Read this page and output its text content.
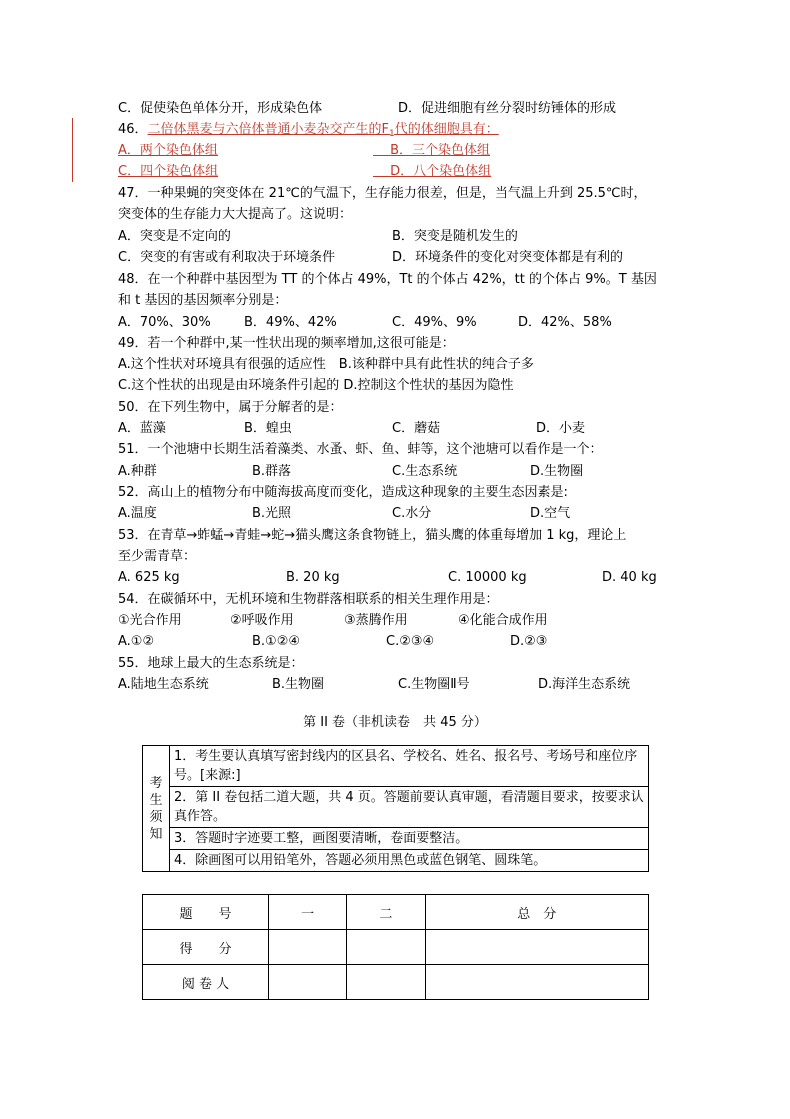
C．促使染色单体分开，形成染色体	D．促进细胞有丝分裂时纺锤体的形成
46．二倍体黑麦与六倍体普通小麦杂交产生的$F_1$代的体细胞具有：
A．两个染色体组
　	B．三个染色体组
C．四个染色体组
　	D．八个染色体组
47．一种果蝇的突变体在 21℃的气温下，生存能力很差，但是，当气温上升到 25.5℃时，
突变体的生存能力大大提高了。这说明：
A．突变是不定向的	B．突变是随机发生的
C．突变的有害或有利取决于环境条件	D．环境条件的变化对突变体都是有利的
48．在一个种群中基因型为 TT 的个体占 49%，Tt 的个体占 42%，tt 的个体占 9%。T 基因
和 t 基因的基因频率分别是：
A．70%、30%	B．49%、42%	C．49%、9%	D．42%、58%
49．若一个种群中,某一性状出现的频率增加,这很可能是：
A.这个性状对环境具有很强的适应性　B.该种群中具有此性状的纯合子多
C.这个性状的出现是由环境条件引起的 D.控制这个性状的基因为隐性
50．在下列生物中，属于分解者的是：
A．蓝藻	B．蝗虫	C．蘑菇	D．小麦
51．一个池塘中长期生活着藻类、水蚤、虾、鱼、蚌等，这个池塘可以看作是一个：
A.种群	B.群落	C.生态系统	D.生物圈
52．高山上的植物分布中随海拔高度而变化，造成这种现象的主要生态因素是:
A.温度	B.光照	C.水分	D.空气
53．在青草→蚱蜢→青蛙→蛇→猫头鹰这条食物链上，猫头鹰的体重每增加 1 kg，理论上
至少需青草：
A. 625 kg	B. 20 kg	C. 10000 kg	D. 40 kg
54．在碳循环中，无机环境和生物群落相联系的相关生理作用是：
①光合作用	②呼吸作用	③蒸腾作用	④化能合成作用
A.①②	B.①②④	C.②③④	D.②③
55．地球上最大的生态系统是：
A.陆地生态系统	B.生物圈	C.生物圈Ⅱ号	D.海洋生态系统
第 II 卷（非机读卷　共 45 分）
考
生
须
知	1．考生要认真填写密封线内的区县名、学校名、姓名、报名号、考场号和座位序号。[来源:]
2．第 II 卷包括二道大题，共 4 页。答题前要认真审题，看清题目要求，按要求认真作答。
3．答题时字迹要工整，画图要清晰，卷面要整洁。
4．除画图可以用铅笔外，答题必须用黑色或蓝色钢笔、圆珠笔。
题　　号	一	二	总　分
得　　分			
阅 卷 人			
